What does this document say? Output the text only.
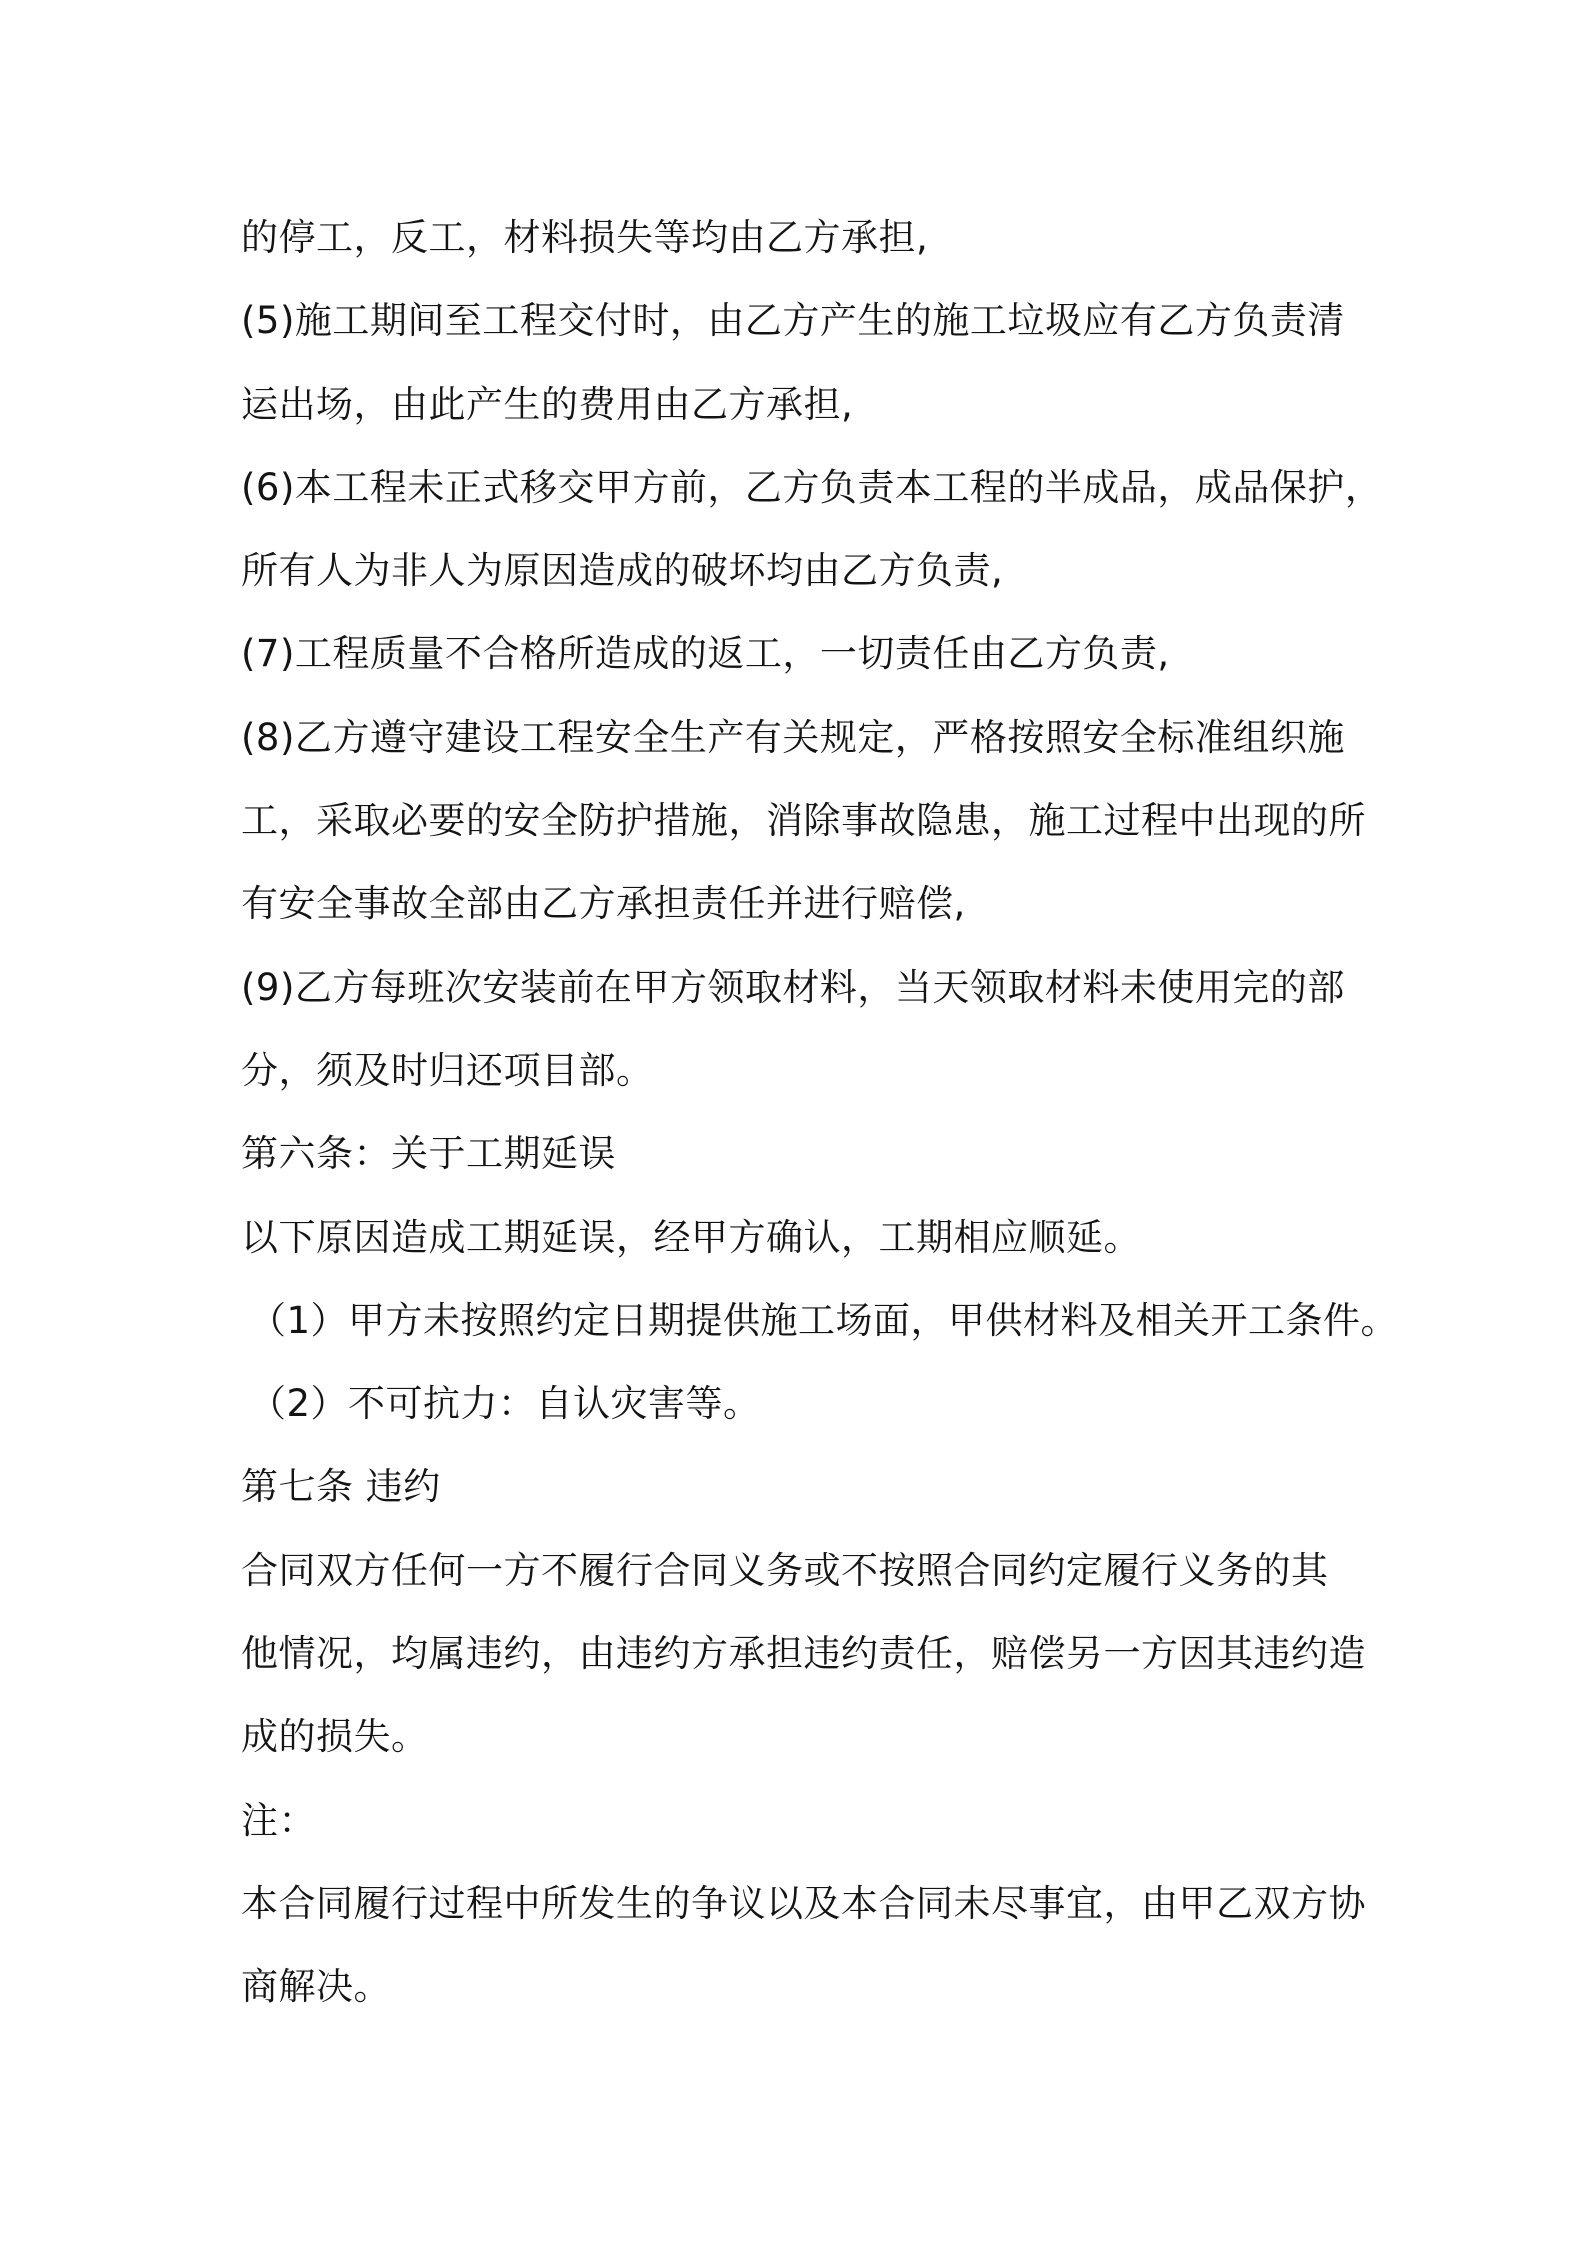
的停工，反工，材料损失等均由乙方承担,
(5)施工期间至工程交付时，由乙方产生的施工垃圾应有乙方负责清
运出场，由此产生的费用由乙方承担,
(6)本工程未正式移交甲方前，乙方负责本工程的半成品，成品保护，
所有人为非人为原因造成的破坏均由乙方负责,
(7)工程质量不合格所造成的返工，一切责任由乙方负责,
(8)乙方遵守建设工程安全生产有关规定，严格按照安全标准组织施
工，采取必要的安全防护措施，消除事故隐患，施工过程中出现的所
有安全事故全部由乙方承担责任并进行赔偿,
(9)乙方每班次安装前在甲方领取材料，当天领取材料未使用完的部
分，须及时归还项目部。
第六条：关于工期延误
以下原因造成工期延误，经甲方确认，工期相应顺延。
（1）甲方未按照约定日期提供施工场面，甲供材料及相关开工条件。
（2）不可抗力：自认灾害等。
第七条 违约
合同双方任何一方不履行合同义务或不按照合同约定履行义务的其
他情况，均属违约，由违约方承担违约责任，赔偿另一方因其违约造
成的损失。
注：
本合同履行过程中所发生的争议以及本合同未尽事宜，由甲乙双方协
商解决。
